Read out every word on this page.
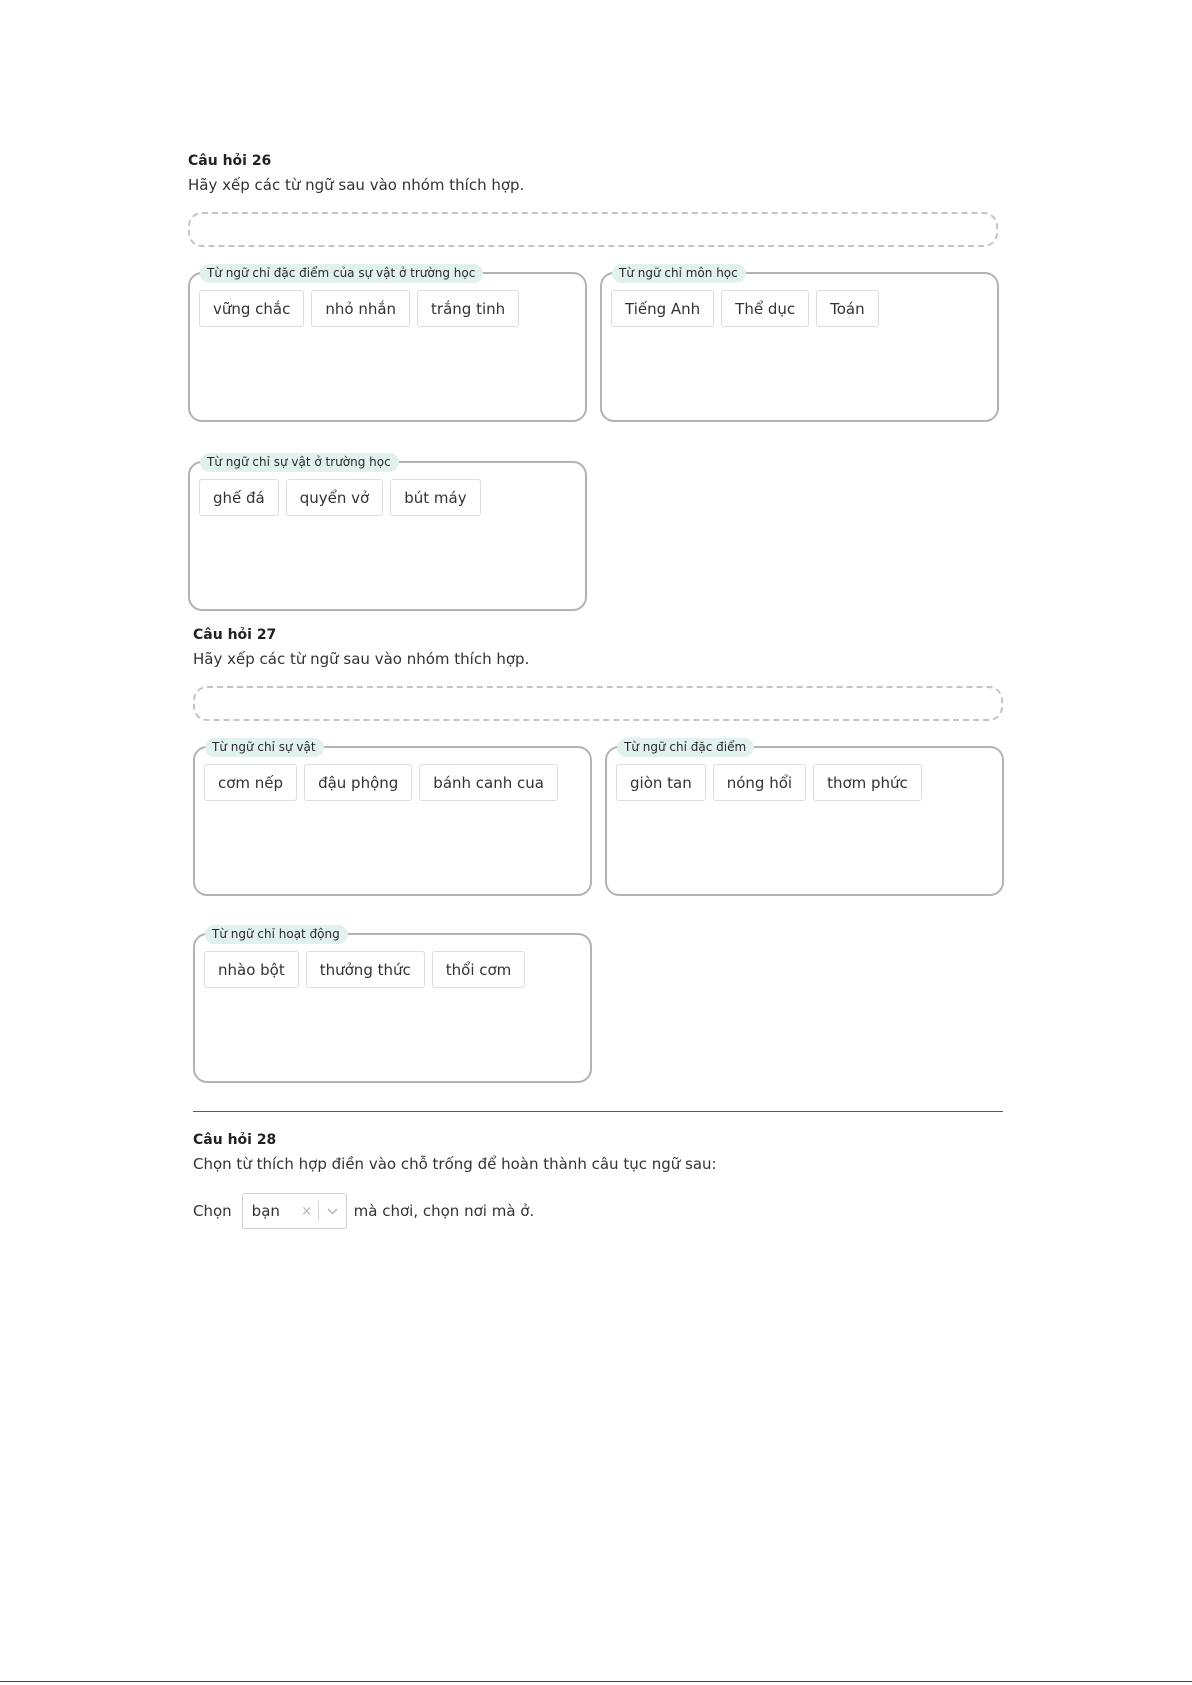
Câu hỏi 26
Hãy xếp các từ ngữ sau vào nhóm thích hợp.
Từ ngữ chỉ đặc điểm của sự vật ở trường học
vững chắc	nhỏ nhắn	trắng tinh
Từ ngữ chỉ môn học
Tiếng Anh	Thể dục	Toán
Từ ngữ chỉ sự vật ở trường học
ghế đá	quyển vở	bút máy
Câu hỏi 27
Hãy xếp các từ ngữ sau vào nhóm thích hợp.
Từ ngữ chỉ sự vật
cơm nếp	đậu phộng	bánh canh cua
Từ ngữ chỉ đặc điểm
giòn tan	nóng hổi	thơm phức
Từ ngữ chỉ hoạt động
nhào bột	thưởng thức	thổi cơm
Câu hỏi 28
Chọn từ thích hợp điền vào chỗ trống để hoàn thành câu tục ngữ sau:
Chọn	bạn	×	mà chơi, chọn nơi mà ở.
